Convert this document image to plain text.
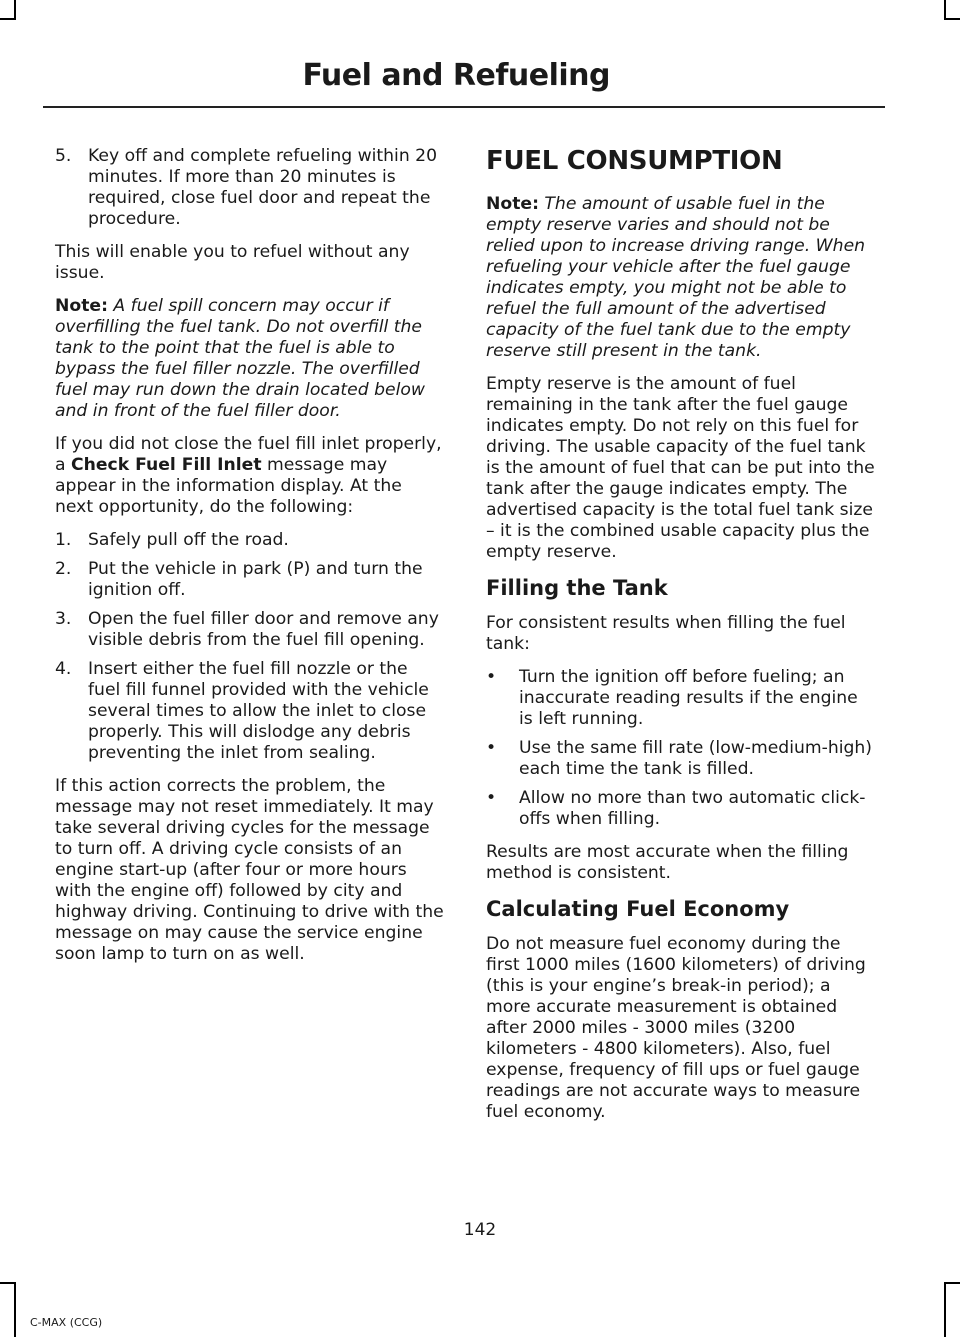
Fuel and Refueling
5. Key off and complete refueling within 20 minutes. If more than 20 minutes is required, close fuel door and repeat the procedure.

This will enable you to refuel without any issue.

Note: A fuel spill concern may occur if overfilling the fuel tank. Do not overfill the tank to the point that the fuel is able to bypass the fuel filler nozzle. The overfilled fuel may run down the drain located below and in front of the fuel filler door.

If you did not close the fuel fill inlet properly, a Check Fuel Fill Inlet message may appear in the information display. At the next opportunity, do the following:

1. Safely pull off the road.
2. Put the vehicle in park (P) and turn the ignition off.
3. Open the fuel filler door and remove any visible debris from the fuel fill opening.
4. Insert either the fuel fill nozzle or the fuel fill funnel provided with the vehicle several times to allow the inlet to close properly. This will dislodge any debris preventing the inlet from sealing.

If this action corrects the problem, the message may not reset immediately. It may take several driving cycles for the message to turn off. A driving cycle consists of an engine start-up (after four or more hours with the engine off) followed by city and highway driving. Continuing to drive with the message on may cause the service engine soon lamp to turn on as well.

FUEL CONSUMPTION

Note: The amount of usable fuel in the empty reserve varies and should not be relied upon to increase driving range. When refueling your vehicle after the fuel gauge indicates empty, you might not be able to refuel the full amount of the advertised capacity of the fuel tank due to the empty reserve still present in the tank.

Empty reserve is the amount of fuel remaining in the tank after the fuel gauge indicates empty. Do not rely on this fuel for driving. The usable capacity of the fuel tank is the amount of fuel that can be put into the tank after the gauge indicates empty. The advertised capacity is the total fuel tank size – it is the combined usable capacity plus the empty reserve.

Filling the Tank

For consistent results when filling the fuel tank:

• Turn the ignition off before fueling; an inaccurate reading results if the engine is left running.
• Use the same fill rate (low-medium-high) each time the tank is filled.
• Allow no more than two automatic click-offs when filling.

Results are most accurate when the filling method is consistent.

Calculating Fuel Economy

Do not measure fuel economy during the first 1000 miles (1600 kilometers) of driving (this is your engine’s break-in period); a more accurate measurement is obtained after 2000 miles - 3000 miles (3200 kilometers - 4800 kilometers). Also, fuel expense, frequency of fill ups or fuel gauge readings are not accurate ways to measure fuel economy.

142
C-MAX (CCG)
